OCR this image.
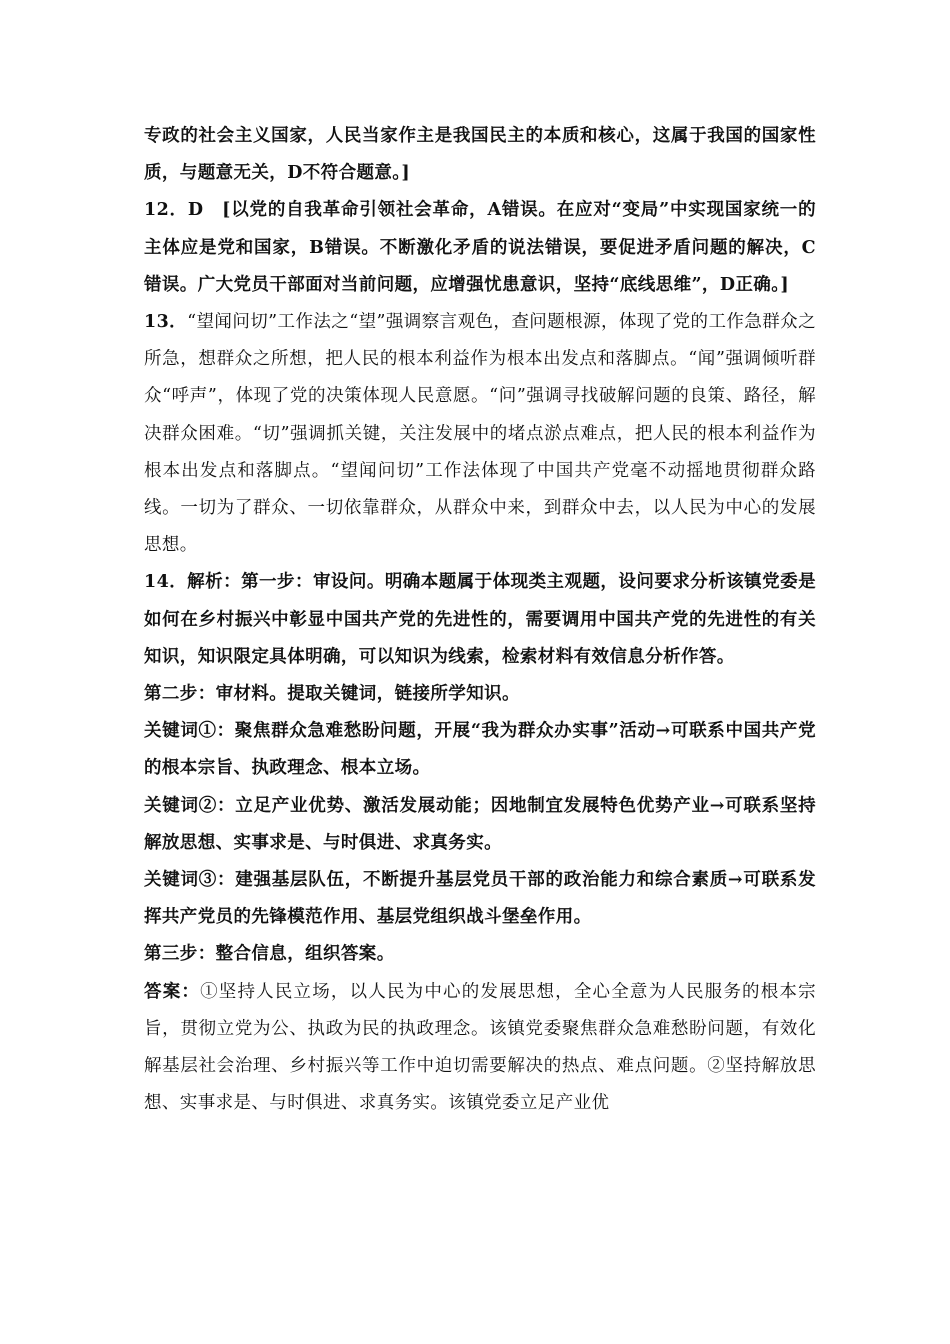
专政的社会主义国家，人民当家作主是我国民主的本质和核心，这属于我国的国家性质，与题意无关，D不符合题意。]

12．D　[以党的自我革命引领社会革命，A错误。在应对“变局”中实现国家统一的主体应是党和国家，B错误。不断激化矛盾的说法错误，要促进矛盾问题的解决，C错误。广大党员干部面对当前问题，应增强忧患意识，坚持“底线思维”，D正确。]

13．“望闻问切”工作法之“望”强调察言观色，查问题根源，体现了党的工作急群众之所急，想群众之所想，把人民的根本利益作为根本出发点和落脚点。“闻”强调倾听群众“呼声”，体现了党的决策体现人民意愿。“问”强调寻找破解问题的良策、路径，解决群众困难。“切”强调抓关键，关注发展中的堵点淤点难点，把人民的根本利益作为根本出发点和落脚点。“望闻问切”工作法体现了中国共产党毫不动摇地贯彻群众路线。一切为了群众、一切依靠群众，从群众中来，到群众中去，以人民为中心的发展思想。

14．解析：第一步：审设问。明确本题属于体现类主观题，设问要求分析该镇党委是如何在乡村振兴中彰显中国共产党的先进性的，需要调用中国共产党的先进性的有关知识，知识限定具体明确，可以知识为线索，检索材料有效信息分析作答。

第二步：审材料。提取关键词，链接所学知识。

关键词①：聚焦群众急难愁盼问题，开展“我为群众办实事”活动→可联系中国共产党的根本宗旨、执政理念、根本立场。

关键词②：立足产业优势、激活发展动能；因地制宜发展特色优势产业→可联系坚持解放思想、实事求是、与时俱进、求真务实。

关键词③：建强基层队伍，不断提升基层党员干部的政治能力和综合素质→可联系发挥共产党员的先锋模范作用、基层党组织战斗堡垒作用。

第三步：整合信息，组织答案。

答案：①坚持人民立场，以人民为中心的发展思想，全心全意为人民服务的根本宗旨，贯彻立党为公、执政为民的执政理念。该镇党委聚焦群众急难愁盼问题，有效化解基层社会治理、乡村振兴等工作中迫切需要解决的热点、难点问题。②坚持解放思想、实事求是、与时俱进、求真务实。该镇党委立足产业优
